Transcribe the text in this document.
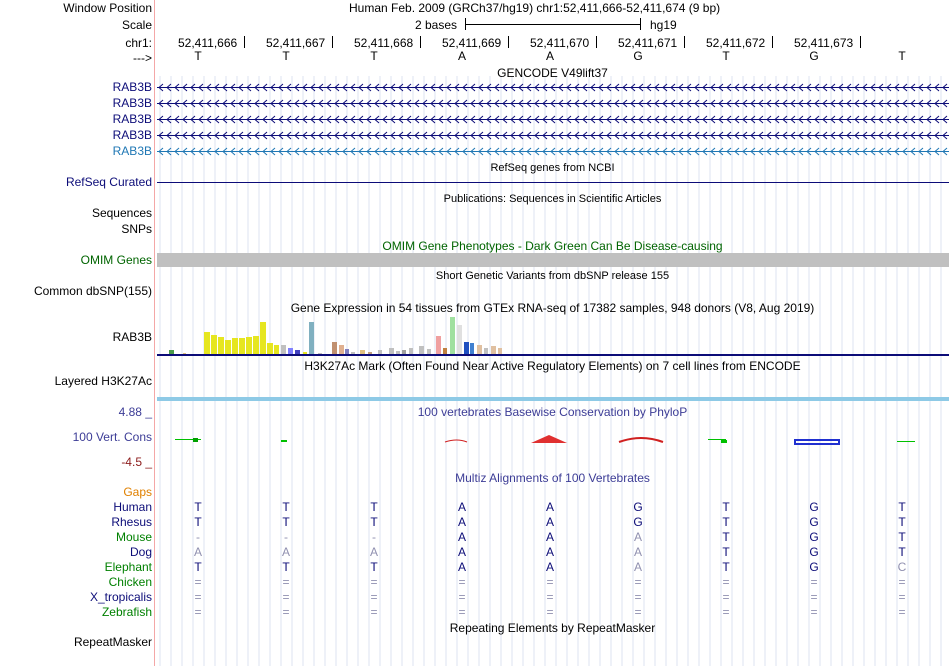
Window Position	Human Feb. 2009 (GRCh37/hg19) chr1:52,411,666-52,411,674 (9 bp)
Scale	2 bases	hg19
chr1: 52,411,666 52,411,667 52,411,668 52,411,669 52,411,670 52,411,671 52,411,672 52,411,673
--->	T	T	T	A	A	G	T	G	T
GENCODE V49lift37
RAB3B
RAB3B
RAB3B
RAB3B
RAB3B
RefSeq genes from NCBI
RefSeq Curated
Publications: Sequences in Scientific Articles
Sequences
SNPs
OMIM Gene Phenotypes - Dark Green Can Be Disease-causing
OMIM Genes
Short Genetic Variants from dbSNP release 155
Common dbSNP(155)
Gene Expression in 54 tissues from GTEx RNA-seq of 17382 samples, 948 donors (V8, Aug 2019)
RAB3B
H3K27Ac Mark (Often Found Near Active Regulatory Elements) on 7 cell lines from ENCODE
Layered H3K27Ac
4.88 _	100 vertebrates Basewise Conservation by PhyloP
100 Vert. Cons
-4.5 _
Multiz Alignments of 100 Vertebrates
Gaps
Human	T	T	T	A	A	G	T	G	T
Rhesus	T	T	T	A	A	G	T	G	T
Mouse	-	-	-	A	A	A	T	G	T
Dog	A	A	A	A	A	A	T	G	T
Elephant	T	T	T	A	A	A	T	G	C
Chicken	=	=	=	=	=	=	=	=	=
X_tropicalis	=	=	=	=	=	=	=	=	=
Zebrafish	=	=	=	=	=	=	=	=	=
Repeating Elements by RepeatMasker
RepeatMasker
